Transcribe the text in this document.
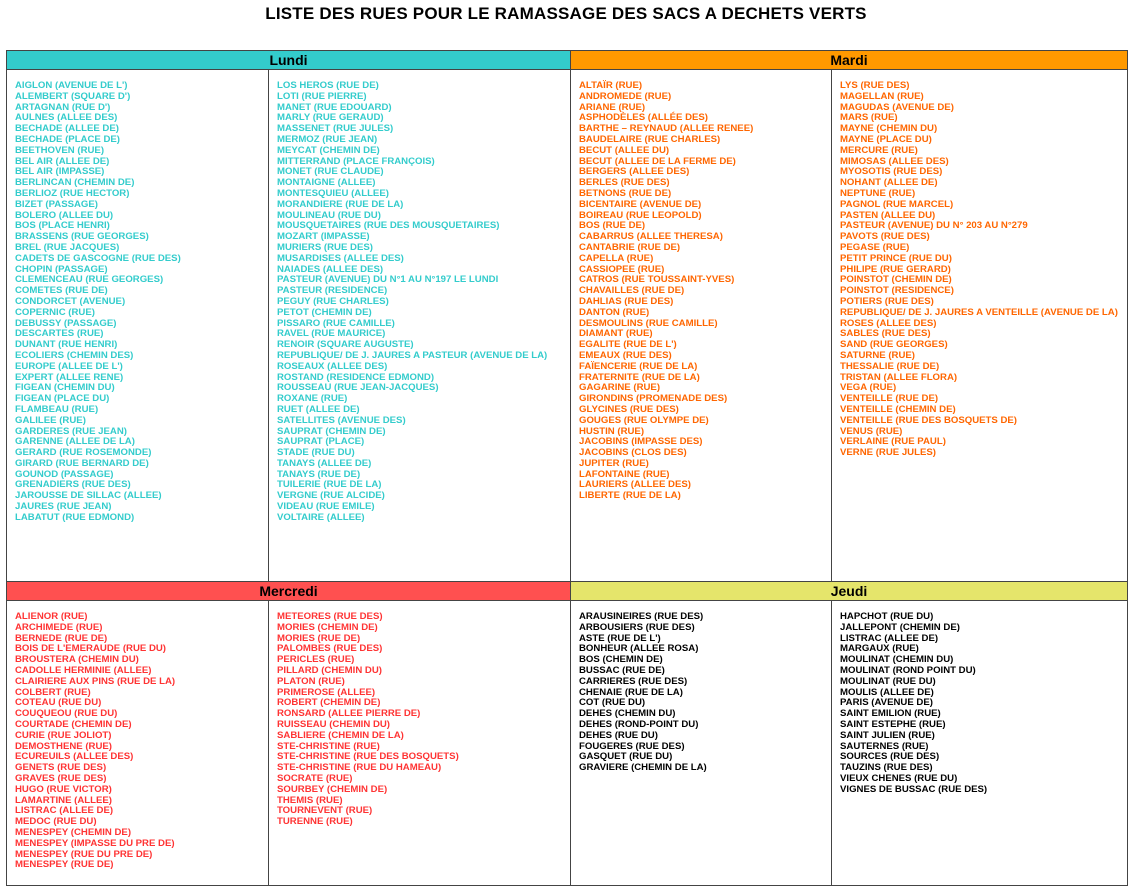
LISTE DES RUES POUR LE RAMASSAGE DES SACS A DECHETS VERTS
Lundi
AIGLON (AVENUE DE L')
ALEMBERT (SQUARE D')
ARTAGNAN (RUE D')
AULNES (ALLEE DES)
BECHADE (ALLEE DE)
BECHADE (PLACE DE)
BEETHOVEN (RUE)
BEL AIR (ALLEE DE)
BEL AIR (IMPASSE)
BERLINCAN (CHEMIN DE)
BERLIOZ (RUE HECTOR)
BIZET (PASSAGE)
BOLERO (ALLEE DU)
BOS (PLACE HENRI)
BRASSENS (RUE GEORGES)
BREL (RUE JACQUES)
CADETS DE GASCOGNE (RUE DES)
CHOPIN (PASSAGE)
CLEMENCEAU (RUE GEORGES)
COMETES (RUE DE)
CONDORCET (AVENUE)
COPERNIC (RUE)
DEBUSSY (PASSAGE)
DESCARTES (RUE)
DUNANT (RUE HENRI)
ECOLIERS (CHEMIN DES)
EUROPE (ALLEE DE L')
EXPERT (ALLEE RENE)
FIGEAN (CHEMIN DU)
FIGEAN (PLACE DU)
FLAMBEAU (RUE)
GALILEE (RUE)
GARDERES (RUE JEAN)
GARENNE (ALLEE DE LA)
GERARD (RUE ROSEMONDE)
GIRARD (RUE BERNARD DE)
GOUNOD (PASSAGE)
GRENADIERS (RUE DES)
JAROUSSE DE SILLAC (ALLEE)
JAURES (RUE JEAN)
LABATUT (RUE EDMOND)
LOS HEROS (RUE DE)
LOTI (RUE PIERRE)
MANET (RUE EDOUARD)
MARLY (RUE GERAUD)
MASSENET (RUE JULES)
MERMOZ (RUE JEAN)
MEYCAT (CHEMIN DE)
MITTERRAND (PLACE FRANÇOIS)
MONET (RUE CLAUDE)
MONTAIGNE (ALLEE)
MONTESQUIEU (ALLEE)
MORANDIERE (RUE DE LA)
MOULINEAU (RUE DU)
MOUSQUETAIRES (RUE DES MOUSQUETAIRES)
MOZART (IMPASSE)
MURIERS (RUE DES)
MUSARDISES (ALLEE DES)
NAIADES (ALLEE DES)
PASTEUR (AVENUE) DU N°1 AU N°197 LE LUNDI
PASTEUR (RESIDENCE)
PEGUY (RUE CHARLES)
PETOT (CHEMIN DE)
PISSARO (RUE CAMILLE)
RAVEL (RUE MAURICE)
RENOIR (SQUARE AUGUSTE)
REPUBLIQUE/ DE J. JAURES A PASTEUR (AVENUE DE LA)
ROSEAUX (ALLEE DES)
ROSTAND (RESIDENCE EDMOND)
ROUSSEAU (RUE JEAN-JACQUES)
ROXANE (RUE)
RUET (ALLEE DE)
SATELLITES (AVENUE DES)
SAUPRAT (CHEMIN DE)
SAUPRAT (PLACE)
STADE (RUE DU)
TANAYS (ALLEE DE)
TANAYS (RUE DE)
TUILERIE (RUE DE LA)
VERGNE (RUE ALCIDE)
VIDEAU (RUE EMILE)
VOLTAIRE (ALLEE)
Mardi
ALTAÏR (RUE)
ANDROMEDE (RUE)
ARIANE (RUE)
ASPHODÈLES (ALLÉE DES)
BARTHE – REYNAUD (ALLEE RENEE)
BAUDELAIRE (RUE CHARLES)
BECUT (ALLEE DU)
BECUT (ALLEE DE LA FERME DE)
BERGERS (ALLEE DES)
BERLES (RUE DES)
BETNONS (RUE DE)
BICENTAIRE (AVENUE DE)
BOIREAU (RUE LEOPOLD)
BOS (RUE DE)
CABARRUS (ALLEE THERESA)
CANTABRIE (RUE DE)
CAPELLA (RUE)
CASSIOPEE (RUE)
CATROS (RUE TOUSSAINT-YVES)
CHAVAILLES (RUE DE)
DAHLIAS (RUE DES)
DANTON (RUE)
DESMOULINS (RUE CAMILLE)
DIAMANT (RUE)
EGALITE (RUE DE L')
EMEAUX (RUE DES)
FAÏENCERIE (RUE DE LA)
FRATERNITE (RUE DE LA)
GAGARINE (RUE)
GIRONDINS (PROMENADE DES)
GLYCINES (RUE DES)
GOUGES (RUE OLYMPE DE)
HUSTIN (RUE)
JACOBINS (IMPASSE DES)
JACOBINS (CLOS DES)
JUPITER (RUE)
LAFONTAINE (RUE)
LAURIERS (ALLEE DES)
LIBERTE (RUE DE LA)
LYS (RUE DES)
MAGELLAN (RUE)
MAGUDAS (AVENUE DE)
MARS (RUE)
MAYNE (CHEMIN DU)
MAYNE (PLACE DU)
MERCURE (RUE)
MIMOSAS (ALLEE DES)
MYOSOTIS (RUE DES)
NOHANT (ALLEE DE)
NEPTUNE (RUE)
PAGNOL (RUE MARCEL)
PASTEN (ALLEE DU)
PASTEUR (AVENUE) DU N° 203 AU N°279
PAVOTS (RUE DES)
PEGASE (RUE)
PETIT PRINCE (RUE DU)
PHILIPE (RUE GERARD)
POINSTOT (CHEMIN DE)
POINSTOT (RESIDENCE)
POTIERS (RUE DES)
REPUBLIQUE/ DE J. JAURES A VENTEILLE (AVENUE DE LA)
ROSES (ALLEE DES)
SABLES (RUE DES)
SAND (RUE GEORGES)
SATURNE (RUE)
THESSALIE (RUE DE)
TRISTAN (ALLEE FLORA)
VEGA (RUE)
VENTEILLE (RUE DE)
VENTEILLE (CHEMIN DE)
VENTEILLE (RUE DES BOSQUETS DE)
VENUS (RUE)
VERLAINE (RUE PAUL)
VERNE (RUE JULES)
Mercredi
ALIENOR (RUE)
ARCHIMEDE (RUE)
BERNEDE (RUE DE)
BOIS DE L'EMERAUDE (RUE DU)
BROUSTERA (CHEMIN DU)
CADOLLE HERMINIE (ALLEE)
CLAIRIERE AUX PINS (RUE DE LA)
COLBERT (RUE)
COTEAU (RUE DU)
COUQUEOU (RUE DU)
COURTADE (CHEMIN DE)
CURIE (RUE JOLIOT)
DEMOSTHENE (RUE)
ECUREUILS (ALLEE DES)
GENETS (RUE DES)
GRAVES (RUE DES)
HUGO (RUE VICTOR)
LAMARTINE (ALLEE)
LISTRAC (ALLEE DE)
MEDOC (RUE DU)
MENESPEY (CHEMIN DE)
MENESPEY (IMPASSE DU PRE DE)
MENESPEY (RUE DU PRE DE)
MENESPEY (RUE DE)
METEORES (RUE DES)
MORIES (CHEMIN DE)
MORIES (RUE DE)
PALOMBES (RUE DES)
PERICLES (RUE)
PILLARD (CHEMIN DU)
PLATON (RUE)
PRIMEROSE (ALLEE)
ROBERT (CHEMIN DE)
RONSARD (ALLEE PIERRE DE)
RUISSEAU (CHEMIN DU)
SABLIERE (CHEMIN DE LA)
STE-CHRISTINE (RUE)
STE-CHRISTINE (RUE DES BOSQUETS)
STE-CHRISTINE (RUE DU HAMEAU)
SOCRATE (RUE)
SOURBEY (CHEMIN DE)
THEMIS (RUE)
TOURNEVENT (RUE)
TURENNE (RUE)
Jeudi
ARAUSINEIRES (RUE DES)
ARBOUSIERS (RUE DES)
ASTE (RUE DE L')
BONHEUR (ALLEE ROSA)
BOS (CHEMIN DE)
BUSSAC (RUE DE)
CARRIERES (RUE DES)
CHENAIE (RUE DE LA)
COT (RUE DU)
DEHES (CHEMIN DU)
DEHES (ROND-POINT DU)
DEHES (RUE DU)
FOUGERES (RUE DES)
GASQUET (RUE DU)
GRAVIERE (CHEMIN DE LA)
HAPCHOT (RUE DU)
JALLEPONT (CHEMIN DE)
LISTRAC (ALLEE DE)
MARGAUX (RUE)
MOULINAT (CHEMIN DU)
MOULINAT (ROND POINT DU)
MOULINAT (RUE DU)
MOULIS (ALLEE DE)
PARIS (AVENUE DE)
SAINT EMILION (RUE)
SAINT ESTEPHE (RUE)
SAINT JULIEN (RUE)
SAUTERNES (RUE)
SOURCES (RUE DES)
TAUZINS (RUE DES)
VIEUX CHENES (RUE DU)
VIGNES DE BUSSAC (RUE DES)
